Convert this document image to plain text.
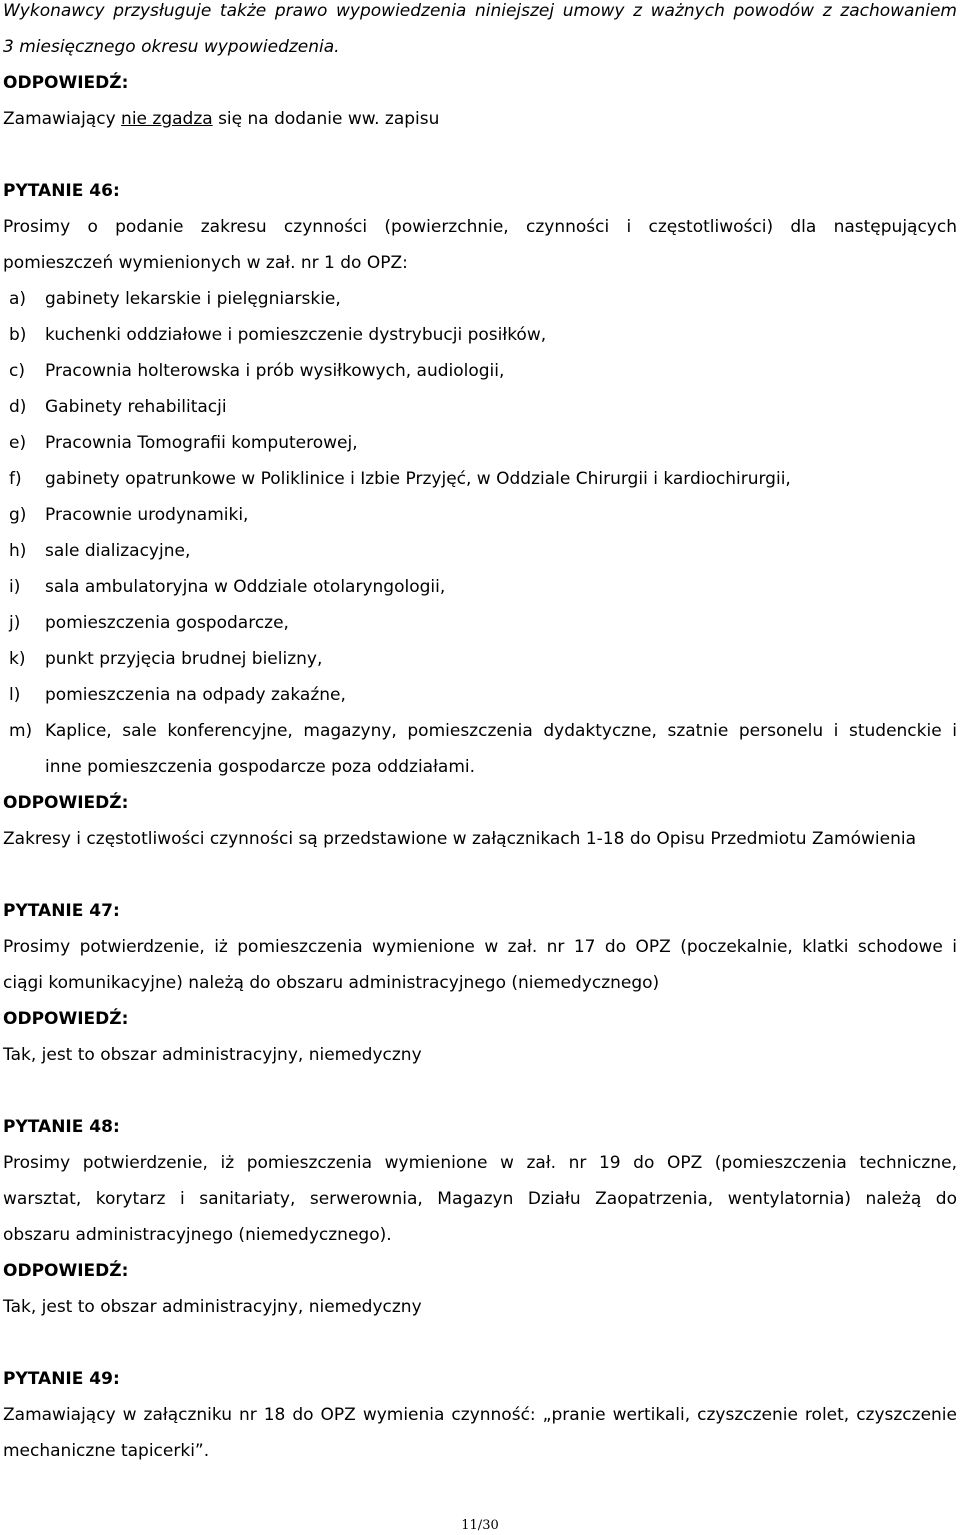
Wykonawcy przysługuje także prawo wypowiedzenia niniejszej umowy z ważnych powodów z zachowaniem
3 miesięcznego okresu wypowiedzenia.
ODPOWIEDŹ:
Zamawiający nie zgadza się na dodanie ww. zapisu
PYTANIE 46:
Prosimy o podanie zakresu czynności (powierzchnie, czynności i częstotliwości) dla następujących
pomieszczeń wymienionych w zał. nr 1 do OPZ:
a)	gabinety lekarskie i pielęgniarskie,
b)	kuchenki oddziałowe i pomieszczenie dystrybucji posiłków,
c)	Pracownia holterowska i prób wysiłkowych, audiologii,
d)	Gabinety rehabilitacji
e)	Pracownia Tomografii komputerowej,
f)	gabinety opatrunkowe w Poliklinice i Izbie Przyjęć, w Oddziale Chirurgii i kardiochirurgii,
g)	Pracownie urodynamiki,
h)	sale dializacyjne,
i)	sala ambulatoryjna w Oddziale otolaryngologii,
j)	pomieszczenia gospodarcze,
k)	punkt przyjęcia brudnej bielizny,
l)	pomieszczenia na odpady zakaźne,
m) Kaplice, sale konferencyjne, magazyny, pomieszczenia dydaktyczne, szatnie personelu i studenckie i
inne pomieszczenia gospodarcze poza oddziałami.
ODPOWIEDŹ:
Zakresy i częstotliwości czynności są przedstawione w załącznikach 1-18 do Opisu Przedmiotu Zamówienia
PYTANIE 47:
Prosimy potwierdzenie, iż pomieszczenia wymienione w zał. nr 17 do OPZ (poczekalnie, klatki schodowe i
ciągi komunikacyjne) należą do obszaru administracyjnego (niemedycznego)
ODPOWIEDŹ:
Tak, jest to obszar administracyjny, niemedyczny
PYTANIE 48:
Prosimy potwierdzenie, iż pomieszczenia wymienione w zał. nr 19 do OPZ (pomieszczenia techniczne,
warsztat, korytarz i sanitariaty, serwerownia, Magazyn Działu Zaopatrzenia, wentylatornia) należą do
obszaru administracyjnego (niemedycznego).
ODPOWIEDŹ:
Tak, jest to obszar administracyjny, niemedyczny
PYTANIE 49:
Zamawiający w załączniku nr 18 do OPZ wymienia czynność: „pranie wertikali, czyszczenie rolet, czyszczenie
mechaniczne tapicerki”.
11/30
